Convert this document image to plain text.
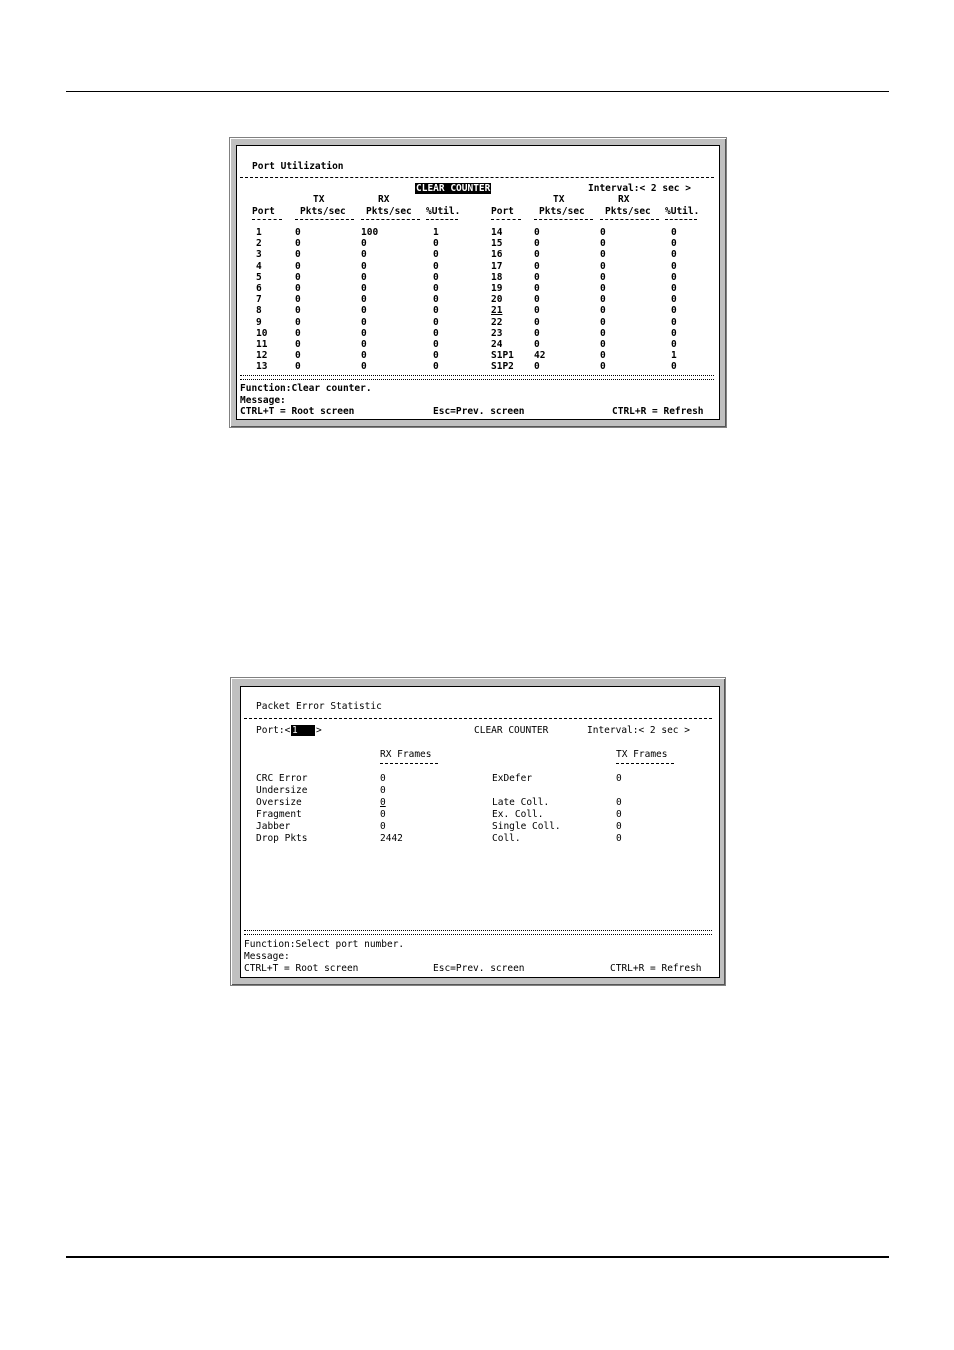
Port Utilization
CLEAR COUNTER	Interval:< 2 sec >
TX	RX	TX	RX
Port	Pkts/sec Pkts/sec %Util.	Port	Pkts/sec Pkts/sec %Util.
1	0	100	1	14	0	0	0
2	0	0	0	15	0	0	0
3	0	0	0	16	0	0	0
4	0	0	0	17	0	0	0
5	0	0	0	18	0	0	0
6	0	0	0	19	0	0	0
7	0	0	0	20	0	0	0
8	0	0	0	21	0	0	0
9	0	0	0	22	0	0	0
10	0	0	0	23	0	0	0
11	0	0	0	24	0	0	0
12	0	0	0	S1P1 42	0	1
13	0	0	0	S1P2 0	0	0
Function:Clear counter.
Message:
CTRL+T = Root screen	Esc=Prev. screen	CTRL+R = Refresh
Packet Error Statistic
Port:< 1	>	CLEAR COUNTER	Interval:< 2 sec >
RX Frames	TX Frames
CRC Error	0	ExDefer	0
Undersize	0
Oversize	0	Late Coll.	0
Fragment	0	Ex. Coll.	0
Jabber	0	Single Coll.	0
Drop Pkts	2442	Coll.	0
Function:Select port number.
Message:
CTRL+T = Root screen	Esc=Prev. screen	CTRL+R = Refresh
